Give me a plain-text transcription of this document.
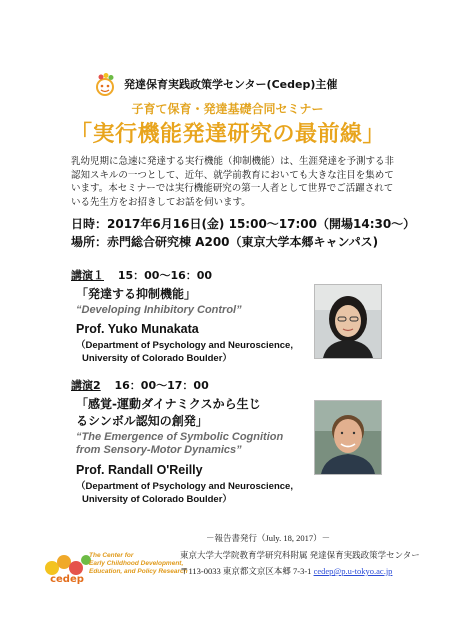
発達保育実践政策学センター(Cedep)主催
子育て保育・発達基礎合同セミナー
「実行機能発達研究の最前線」
乳幼児期に急速に発達する実行機能（抑制機能）は、生涯発達を予測する非認知スキルの一つとして、近年、就学前教育においても大きな注目を集めています。本セミナーでは実行機能研究の第一人者として世界でご活躍されている先生方をお招きしてお話を伺います。
日時：2017年6月16日(金) 15:00〜17:00（開場14:30〜）
場所：赤門総合研究棟 A200（東京大学本郷キャンパス)
講演１ 15：00〜16：00
「発達する抑制機能」
“Developing Inhibitory Control”
Prof. Yuko Munakata
（Department of Psychology and Neuroscience,
University of Colorado Boulder）
講演2 16：00〜17：00
「感覚-運動ダイナミクスから生じ
るシンボル認知の創発」
“The Emergence of Symbolic Cognition
from Sensory-Motor Dynamics”
Prof. Randall O'Reilly
（Department of Psychology and Neuroscience,
University of Colorado Boulder）
cedep
The Center for
Early Childhood Development,
Education, and Policy Research
－報告書発行（July. 18, 2017）－
東京大学大学院教育学研究科附属 発達保育実践政策学センター
〒113-0033 東京都文京区本郷 7-3-1 cedep@p.u-tokyo.ac.jp
